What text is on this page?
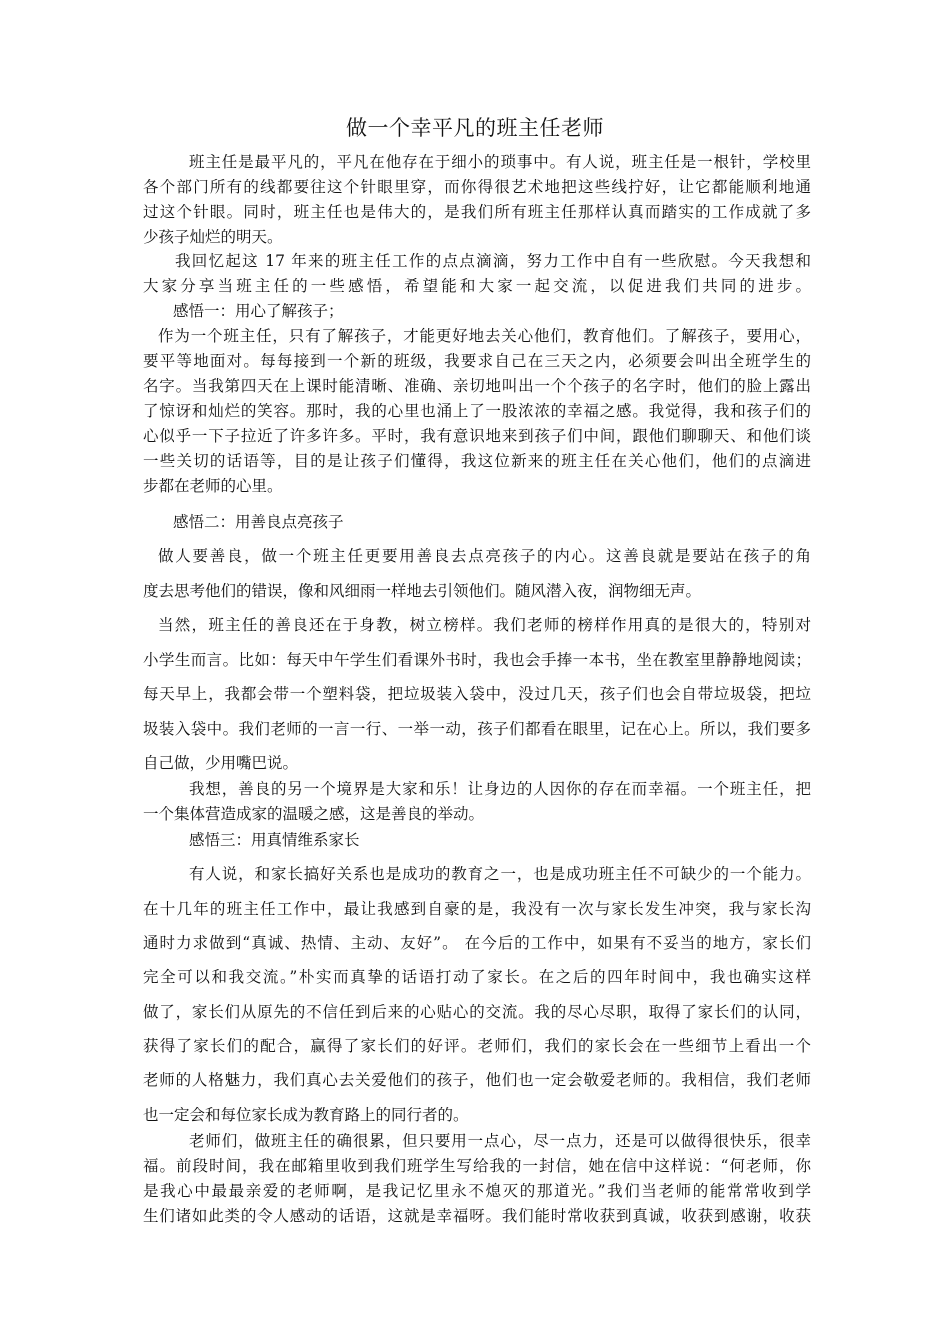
做一个幸平凡的班主任老师
班主任是最平凡的，平凡在他存在于细小的琐事中。有人说，班主任是一根针，学校里
各个部门所有的线都要往这个针眼里穿，而你得很艺术地把这些线拧好，让它都能顺利地通
过这个针眼。同时，班主任也是伟大的，是我们所有班主任那样认真而踏实的工作成就了多
少孩子灿烂的明天。
我回忆起这 17 年来的班主任工作的点点滴滴，努力工作中自有一些欣慰。今天我想和
大家分享当班主任的一些感悟，希望能和大家一起交流，以促进我们共同的进步。
感悟一：用心了解孩子；
作为一个班主任，只有了解孩子，才能更好地去关心他们，教育他们。了解孩子，要用心，
要平等地面对。每每接到一个新的班级，我要求自己在三天之内，必须要会叫出全班学生的
名字。当我第四天在上课时能清晰、准确、亲切地叫出一个个孩子的名字时，他们的脸上露出
了惊讶和灿烂的笑容。那时，我的心里也涌上了一股浓浓的幸福之感。我觉得，我和孩子们的
心似乎一下子拉近了许多许多。平时，我有意识地来到孩子们中间，跟他们聊聊天、和他们谈
一些关切的话语等，目的是让孩子们懂得，我这位新来的班主任在关心他们，他们的点滴进
步都在老师的心里。
感悟二：用善良点亮孩子
做人要善良，做一个班主任更要用善良去点亮孩子的内心。这善良就是要站在孩子的角
度去思考他们的错误，像和风细雨一样地去引领他们。随风潜入夜，润物细无声。
当然，班主任的善良还在于身教，树立榜样。我们老师的榜样作用真的是很大的，特别对
小学生而言。比如：每天中午学生们看课外书时，我也会手捧一本书，坐在教室里静静地阅读；
每天早上，我都会带一个塑料袋，把垃圾装入袋中，没过几天，孩子们也会自带垃圾袋，把垃
圾装入袋中。我们老师的一言一行、一举一动，孩子们都看在眼里，记在心上。所以，我们要多
自己做，少用嘴巴说。
我想，善良的另一个境界是大家和乐！让身边的人因你的存在而幸福。一个班主任，把
一个集体营造成家的温暖之感，这是善良的举动。
感悟三：用真情维系家长
有人说，和家长搞好关系也是成功的教育之一，也是成功班主任不可缺少的一个能力。
在十几年的班主任工作中，最让我感到自豪的是，我没有一次与家长发生冲突，我与家长沟
通时力求做到“真诚、热情、主动、友好”。 在今后的工作中，如果有不妥当的地方，家长们
完全可以和我交流。”朴实而真挚的话语打动了家长。在之后的四年时间中，我也确实这样
做了，家长们从原先的不信任到后来的心贴心的交流。我的尽心尽职，取得了家长们的认同，
获得了家长们的配合，赢得了家长们的好评。老师们，我们的家长会在一些细节上看出一个
老师的人格魅力，我们真心去关爱他们的孩子，他们也一定会敬爱老师的。我相信，我们老师
也一定会和每位家长成为教育路上的同行者的。
老师们，做班主任的确很累，但只要用一点心，尽一点力，还是可以做得很快乐，很幸
福。前段时间，我在邮箱里收到我们班学生写给我的一封信，她在信中这样说：“何老师，你
是我心中最最亲爱的老师啊，是我记忆里永不熄灭的那道光。”我们当老师的能常常收到学
生们诸如此类的令人感动的话语，这就是幸福呀。我们能时常收获到真诚，收获到感谢，收获
